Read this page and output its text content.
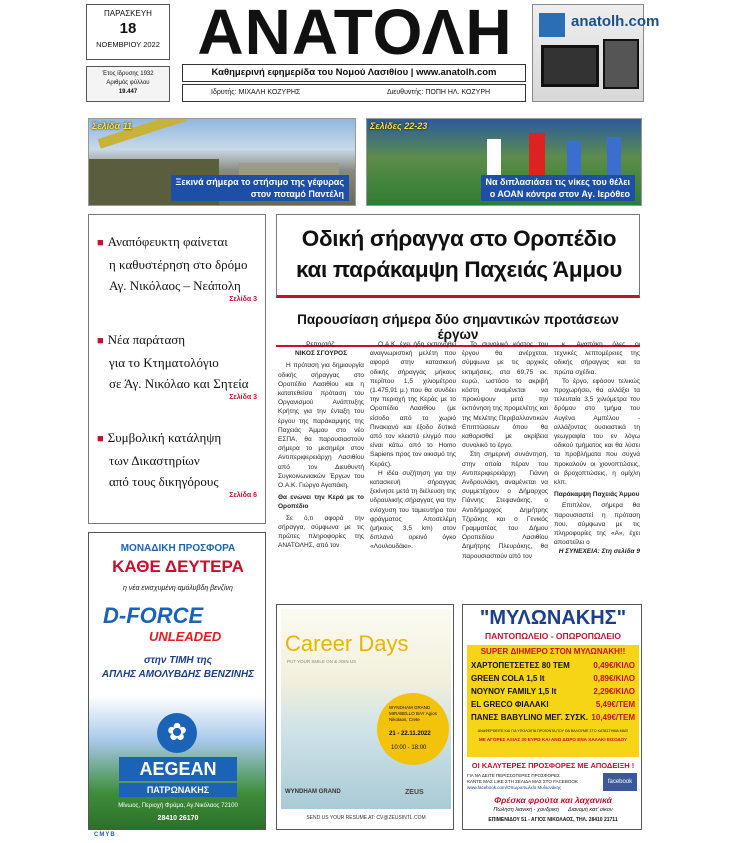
ΠΑΡΑΣΚΕΥΗ
18
ΝΟΕΜΒΡΙΟΥ 2022
Έτος ίδρυσης 1932
Αριθμός φύλλου
19.447
ΑΝΑΤΟΛΗ
Καθημερινή εφημερίδα του Νομού Λασιθίου | www.anatolh.com
Ιδρυτής: ΜΙΧΑΛΗ ΚΟΖΥΡΗΣ	Διευθυντής: ΠΟΠΗ ΗΛ. ΚΟΖΥΡΗ
anatolh.com
Σελίδα 11
Ξεκινά σήμερα το στήσιμο της γέφυρας
στον ποταμό Παντέλη
Σελίδες 22-23
Να διπλασιάσει τις νίκες του θέλει
ο ΑΟΑΝ κόντρα στον Αγ. Ιερόθεο
■ Αναπόφευκτη φαίνεται
η καθυστέρηση στο δρόμο
Αγ. Νικόλαος – Νεάπολη
Σελίδα 3
■ Νέα παράταση
για το Κτηματολόγιο
σε Άγ. Νικόλαο και Σητεία
Σελίδα 3
■ Συμβολική κατάληψη
των Δικαστηρίων
από τους δικηγόρους
Σελίδα 6
Οδική σήραγγα στο Οροπέδιο
και παράκαμψη Παχειάς Άμμου
Παρουσίαση σήμερα δύο σημαντικών προτάσεων έργων
Ρεπορτάζ:
ΝΙΚΟΣ ΣΓΟΥΡΟΣ

Η πρόταση για δημιουργία οδικής σήραγγας στο Οροπέδιο Λασιθίου και η κατατεθείσα πρόταση του Οργανισμού Ανάπτυξης Κρήτης για την ένταξη του έργου της παράκαμψης της Παχειάς Άμμου στο νέο ΕΣΠΑ, θα παρουσιαστούν σήμερα το μεσημέρι στον Αντιπεριφερειάρχη Λασιθίου από τον Διευθυντή Συγκοινωνιακών Έργων του Ο.Α.Κ. Γιώργο Αγαπάκη.

Θα ενώνει την Κερά με το Οροπέδιο

Σε ό,τι αφορά την σήραγγα, σύμφωνα με τις πρώτες πληροφορίες της ΑΝΑΤΟΛΗΣ, από τον

Ο.Α.Κ. έχει ήδη εκπονηθεί αναγνωριστική μελέτη που αφορά στην κατασκευή οδικής σήραγγας μήκους περίπου 1,5 χιλιομέτρου (1.475,91 μ.) που θα συνδέει την περιοχή της Κεράς με το Οροπέδιο Λασιθίου (με είσοδο από το χωριό Πινακιανό και έξοδο δυτικά από τον κλειστό ελιγμό που είναι κάτω από το Homo Sapiens προς τον οικισμό της Κεράς).

Η ιδέα συζήτηση για την κατασκευή σήραγγας ξεκίνησε μετά τη διέλευση της υδραυλικής σήραγγας για την ενίσχυση του ταμιευτήρα του φράγματος Αποσελέμη (μήκους 3,5 km) στον διπλανό ορεινό όγκο «Λουλουδάκι».

Το συνολικό κόστος του έργου θα ανέρχεται, σύμφωνα με τις αρχικές εκτιμήσεις, στα 69,75 εκ. ευρώ, ωστόσο το ακριβή κόστη αναμένεται να προκύψουν μετά την εκπόνηση της προμελέτης και της Μελέτης Περιβαλλοντικών Επιπτώσεων όπου θα καθορισθεί με ακρίβεια συνολικό το έργο.

Στη σημερινή συνάντηση, στην οποία πέραν του Αντιπεριφερειάρχη Γιάννη Ανδρουλάκη, αναμένεται να συμμετέχουν ο Δήμαρχος Γιάννης Στεφανάκης, ο Αντιδήμαρχος Δημήτρης Τζιράκης και ο Γενικός Γραμματέας του Δήμου Οροπεδίου Λασιθίου Δημήτρης Πλευράκης, θα παρουσιαστούν από τον

κ. Αγαπάκη όλες οι τεχνικές λεπτομέρειες της οδικής σήραγγας και τα πρώτα σχέδια.

Το έργο, εφόσον τελικώς προχωρήσει, θα αλλάξει τα τελευταία 3,5 χιλιόμετρα του δρόμου στο τμήμα του Αυγένα Αμπέλου - αλλάζοντας ουσιαστικά τη γεωγραφία του εν λόγω οδικού τμήματος και θα λύσει τα προβλήματα που συχνά προκαλούν οι χιονοπτώσεις, οι βροχοπτώσεις, η ομίχλη κλπ.

Παράκαμψη Παχειάς Άμμου

Επιπλέον, σήμερα θα παρουσιαστεί η πρόταση που, σύμφωνα με τις πληροφορίες της «Α», έχει αποστείλει ο

Η ΣΥΝΕΧΕΙΑ: Στη σελίδα 9
ΜΟΝΑΔΙΚΗ ΠΡΟΣΦΟΡΑ
ΚΑΘΕ ΔΕΥΤΕΡΑ
η νέα ενισχυμένη αμόλυβδη βενζίνη
D-FORCE
UNLEADED
στην ΤΙΜΗ της
ΑΠΛΗΣ ΑΜΟΛΥΒΔΗΣ ΒΕΝΖΙΝΗΣ
✿
AEGEAN
ΠΑΤΡΩΝΑΚΗΣ
Μίνωος, Περιοχή Φράμα, Αγ.Νικόλαος 72100
28410 26170
Career Days
PUT YOUR SMILE ON & JOIN US
WYNDHAM GRAND MIRABELLO BAY Agios Nikolaos, Crete
21 - 22.11.2022
10:00 - 18:00
WYNDHAM GRAND	ZEUS
SEND US YOUR RESUME AT: CV@ZEUSINTL.COM
"ΜΥΛΩΝΑΚΗΣ"
ΠΑΝΤΟΠΩΛΕΙΟ - ΟΠΩΡΟΠΩΛΕΙΟ
SUPER ΔΙΗΜΕΡΟ ΣΤΟΝ ΜΥΛΩΝΑΚΗ!!
ΧΑΡΤΟΠΕΤΣΕΤΕΣ 80 ΤΕΜ	0,49€/ΚΙΛΟ
GREEN COLA 1,5 lt	0,89€/ΚΙΛΟ
ΝΟΥΝΟΥ FAMILY 1,5 lt	2,29€/ΚΙΛΟ
EL GRECO ΦΙΑΛΑΚΙ	5,49€/ΤΕΜ
ΠΑΝΕΣ BABYLINO ΜΕΓ. ΣΥΣΚ. 10,49€/ΤΕΜ
ΑΝΑΦΕΡΘΕΙΤΕ ΚΑΙ ΓΙΑ ΥΠΟΛΟΙΠΑ ΠΡΟΪΟΝΤΑ ΠΟΥ ΘΑ ΒΑΛΟΥΜΕ ΣΤΟ ΚΑΤΑΣΤΗΜΑ ΜΑΣ!
ΜΕ ΑΓΟΡΕΣ ΑΞΙΑΣ 30 ΕΥΡΩ ΚΑΙ ΑΝΩ ΔΩΡΟ ΕΝΑ ΧΑΛΑΚΙ ΕΙΣΟΔΟΥ
ΟΙ ΚΑΛΥΤΕΡΕΣ ΠΡΟΣΦΟΡΕΣ ΜΕ ΑΠΟΔΕΙΞΗ !
ΓΙΑ ΝΑ ΔΕΙΤΕ ΠΕΡΙΣΣΟΤΕΡΕΣ ΠΡΟΣΦΟΡΕΣ
ΚΑΝΤΕ ΜΑΣ LIKE ΣΤΗ ΣΕΛΙΔΑ ΜΑΣ ΣΤΟ FACEBOOK
www.facebook.com/Οπωροπωλείο Μυλωνάκης
facebook
Φρέσκα φρούτα και λαχανικά
Πώληση λιανική - χονδρική      Διανομή κατ' οίκον
ΕΠΙΜΕΝΙΔΟΥ 51 - ΑΓΙΟΣ ΝΙΚΟΛΑΟΣ, ΤΗΛ. 28410 21711
CMYB
